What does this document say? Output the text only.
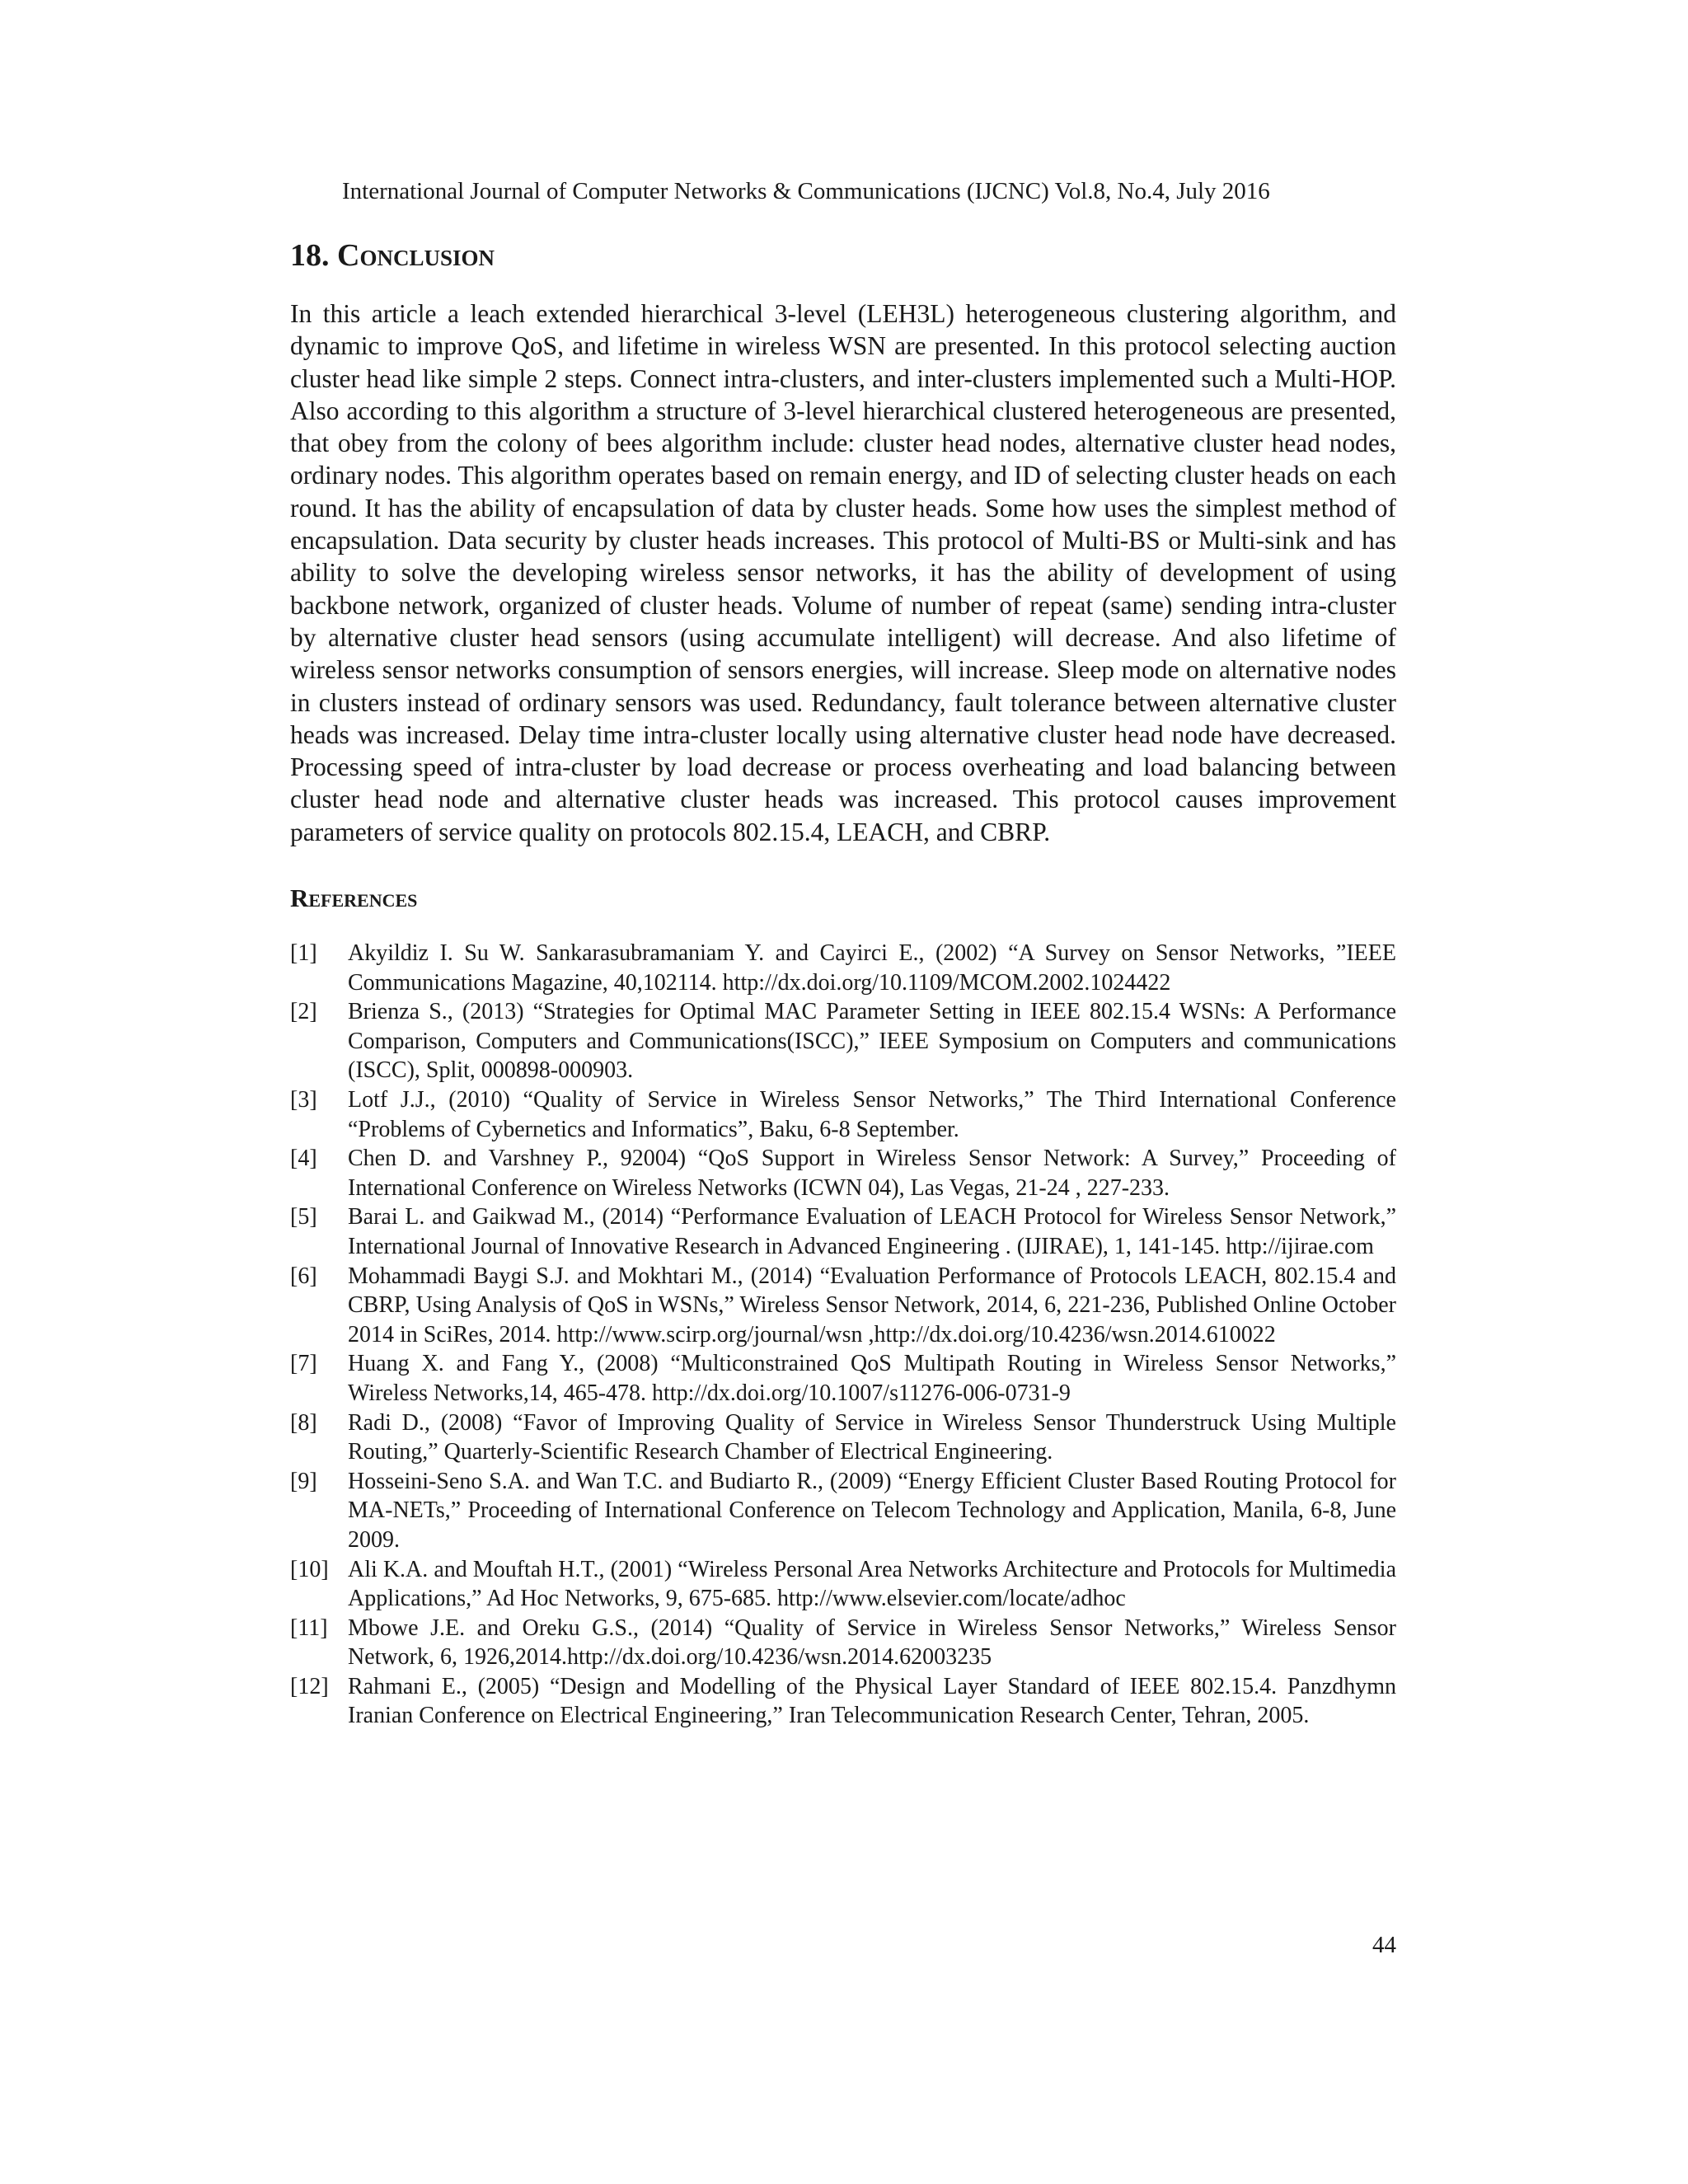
International Journal of Computer Networks & Communications (IJCNC) Vol.8, No.4, July 2016
18. Conclusion

In this article a leach extended hierarchical 3-level (LEH3L) heterogeneous clustering algorithm, and dynamic to improve QoS, and lifetime in wireless WSN are presented. In this protocol selecting auction cluster head like simple 2 steps. Connect intra-clusters, and inter-clusters implemented such a Multi-HOP. Also according to this algorithm a structure of 3-level hierarchical clustered heterogeneous are presented, that obey from the colony of bees algorithm include: cluster head nodes, alternative cluster head nodes, ordinary nodes. This algorithm operates based on remain energy, and ID of selecting cluster heads on each round. It has the ability of encapsulation of data by cluster heads. Some how uses the simplest method of encapsulation. Data security by cluster heads increases. This protocol of Multi-BS or Multi-sink and has ability to solve the developing wireless sensor networks, it has the ability of development of using backbone network, organized of cluster heads. Volume of number of repeat (same) sending intra-cluster by alternative cluster head sensors (using accumulate intelligent) will decrease. And also lifetime of wireless sensor networks consumption of sensors energies, will increase. Sleep mode on alternative nodes in clusters instead of ordinary sensors was used. Redundancy, fault tolerance between alternative cluster heads was increased. Delay time intra-cluster locally using alternative cluster head node have decreased. Processing speed of intra-cluster by load decrease or process overheating and load balancing between cluster head node and alternative cluster heads was increased. This protocol causes improvement parameters of service quality on protocols 802.15.4, LEACH, and CBRP.

References
[1] Akyildiz I. Su W. Sankarasubramaniam Y. and Cayirci E., (2002) “A Survey on Sensor Networks, ”IEEE Communications Magazine, 40,102114. http://dx.doi.org/10.1109/MCOM.2002.1024422
[2] Brienza S., (2013) “Strategies for Optimal MAC Parameter Setting in IEEE 802.15.4 WSNs: A Performance Comparison, Computers and Communications(ISCC),” IEEE Symposium on Computers and communications (ISCC), Split, 000898-000903.
[3] Lotf J.J., (2010) “Quality of Service in Wireless Sensor Networks,” The Third International Conference “Problems of Cybernetics and Informatics”, Baku, 6-8 September.
[4] Chen D. and Varshney P., 92004) “QoS Support in Wireless Sensor Network: A Survey,” Proceeding of International Conference on Wireless Networks (ICWN 04), Las Vegas, 21-24 , 227-233.
[5] Barai L. and Gaikwad M., (2014) “Performance Evaluation of LEACH Protocol for Wireless Sensor Network,” International Journal of Innovative Research in Advanced Engineering . (IJIRAE), 1, 141-145. http://ijirae.com
[6] Mohammadi Baygi S.J. and Mokhtari M., (2014) “Evaluation Performance of Protocols LEACH, 802.15.4 and CBRP, Using Analysis of QoS in WSNs,” Wireless Sensor Network, 2014, 6, 221-236, Published Online October 2014 in SciRes, 2014. http://www.scirp.org/journal/wsn ,http://dx.doi.org/10.4236/wsn.2014.610022
[7] Huang X. and Fang Y., (2008) “Multiconstrained QoS Multipath Routing in Wireless Sensor Networks,” Wireless Networks,14, 465-478. http://dx.doi.org/10.1007/s11276-006-0731-9
[8] Radi D., (2008) “Favor of Improving Quality of Service in Wireless Sensor Thunderstruck Using Multiple Routing,” Quarterly-Scientific Research Chamber of Electrical Engineering.
[9] Hosseini-Seno S.A. and Wan T.C. and Budiarto R., (2009) “Energy Efficient Cluster Based Routing Protocol for MA-NETs,” Proceeding of International Conference on Telecom Technology and Application, Manila, 6-8, June 2009.
[10] Ali K.A. and Mouftah H.T., (2001) “Wireless Personal Area Networks Architecture and Protocols for Multimedia Applications,” Ad Hoc Networks, 9, 675-685. http://www.elsevier.com/locate/adhoc
[11] Mbowe J.E. and Oreku G.S., (2014) “Quality of Service in Wireless Sensor Networks,” Wireless Sensor Network, 6, 1926,2014.http://dx.doi.org/10.4236/wsn.2014.62003235
[12] Rahmani E., (2005) “Design and Modelling of the Physical Layer Standard of IEEE 802.15.4. Panzdhymn Iranian Conference on Electrical Engineering,” Iran Telecommunication Research Center, Tehran, 2005.
44
